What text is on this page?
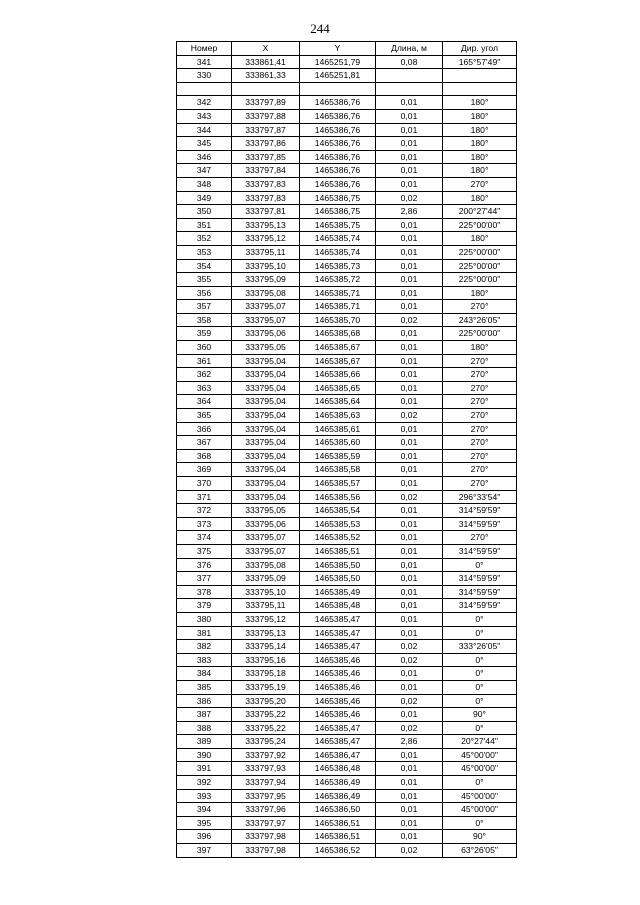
244
Номер	X	Y	Длина, м	Дир. угол
341	333861,41	1465251,79	0,08	165°57'49"
330	333861,33	1465251,81		

342	333797,89	1465386,76	0,01	180°
343	333797,88	1465386,76	0,01	180°
344	333797,87	1465386,76	0,01	180°
345	333797,86	1465386,76	0,01	180°
346	333797,85	1465386,76	0,01	180°
347	333797,84	1465386,76	0,01	180°
348	333797,83	1465386,76	0,01	270°
349	333797,83	1465386,75	0,02	180°
350	333797,81	1465386,75	2,86	200°27'44"
351	333795,13	1465385,75	0,01	225°00'00"
352	333795,12	1465385,74	0,01	180°
353	333795,11	1465385,74	0,01	225°00'00"
354	333795,10	1465385,73	0,01	225°00'00"
355	333795,09	1465385,72	0,01	225°00'00"
356	333795,08	1465385,71	0,01	180°
357	333795,07	1465385,71	0,01	270°
358	333795,07	1465385,70	0,02	243°26'05"
359	333795,06	1465385,68	0,01	225°00'00"
360	333795,05	1465385,67	0,01	180°
361	333795,04	1465385,67	0,01	270°
362	333795,04	1465385,66	0,01	270°
363	333795,04	1465385,65	0,01	270°
364	333795,04	1465385,64	0,01	270°
365	333795,04	1465385,63	0,02	270°
366	333795,04	1465385,61	0,01	270°
367	333795,04	1465385,60	0,01	270°
368	333795,04	1465385,59	0,01	270°
369	333795,04	1465385,58	0,01	270°
370	333795,04	1465385,57	0,01	270°
371	333795,04	1465385,56	0,02	296°33'54"
372	333795,05	1465385,54	0,01	314°59'59"
373	333795,06	1465385,53	0,01	314°59'59"
374	333795,07	1465385,52	0,01	270°
375	333795,07	1465385,51	0,01	314°59'59"
376	333795,08	1465385,50	0,01	0°
377	333795,09	1465385,50	0,01	314°59'59"
378	333795,10	1465385,49	0,01	314°59'59"
379	333795,11	1465385,48	0,01	314°59'59"
380	333795,12	1465385,47	0,01	0°
381	333795,13	1465385,47	0,01	0°
382	333795,14	1465385,47	0,02	333°26'05"
383	333795,16	1465385,46	0,02	0°
384	333795,18	1465385,46	0,01	0°
385	333795,19	1465385,46	0,01	0°
386	333795,20	1465385,46	0,02	0°
387	333795,22	1465385,46	0,01	90°
388	333795,22	1465385,47	0,02	0°
389	333795,24	1465385,47	2,86	20°27'44"
390	333797,92	1465386,47	0,01	45°00'00"
391	333797,93	1465386,48	0,01	45°00'00"
392	333797,94	1465386,49	0,01	0°
393	333797,95	1465386,49	0,01	45°00'00"
394	333797,96	1465386,50	0,01	45°00'00"
395	333797,97	1465386,51	0,01	0°
396	333797,98	1465386,51	0,01	90°
397	333797,98	1465386,52	0,02	63°26'05"
